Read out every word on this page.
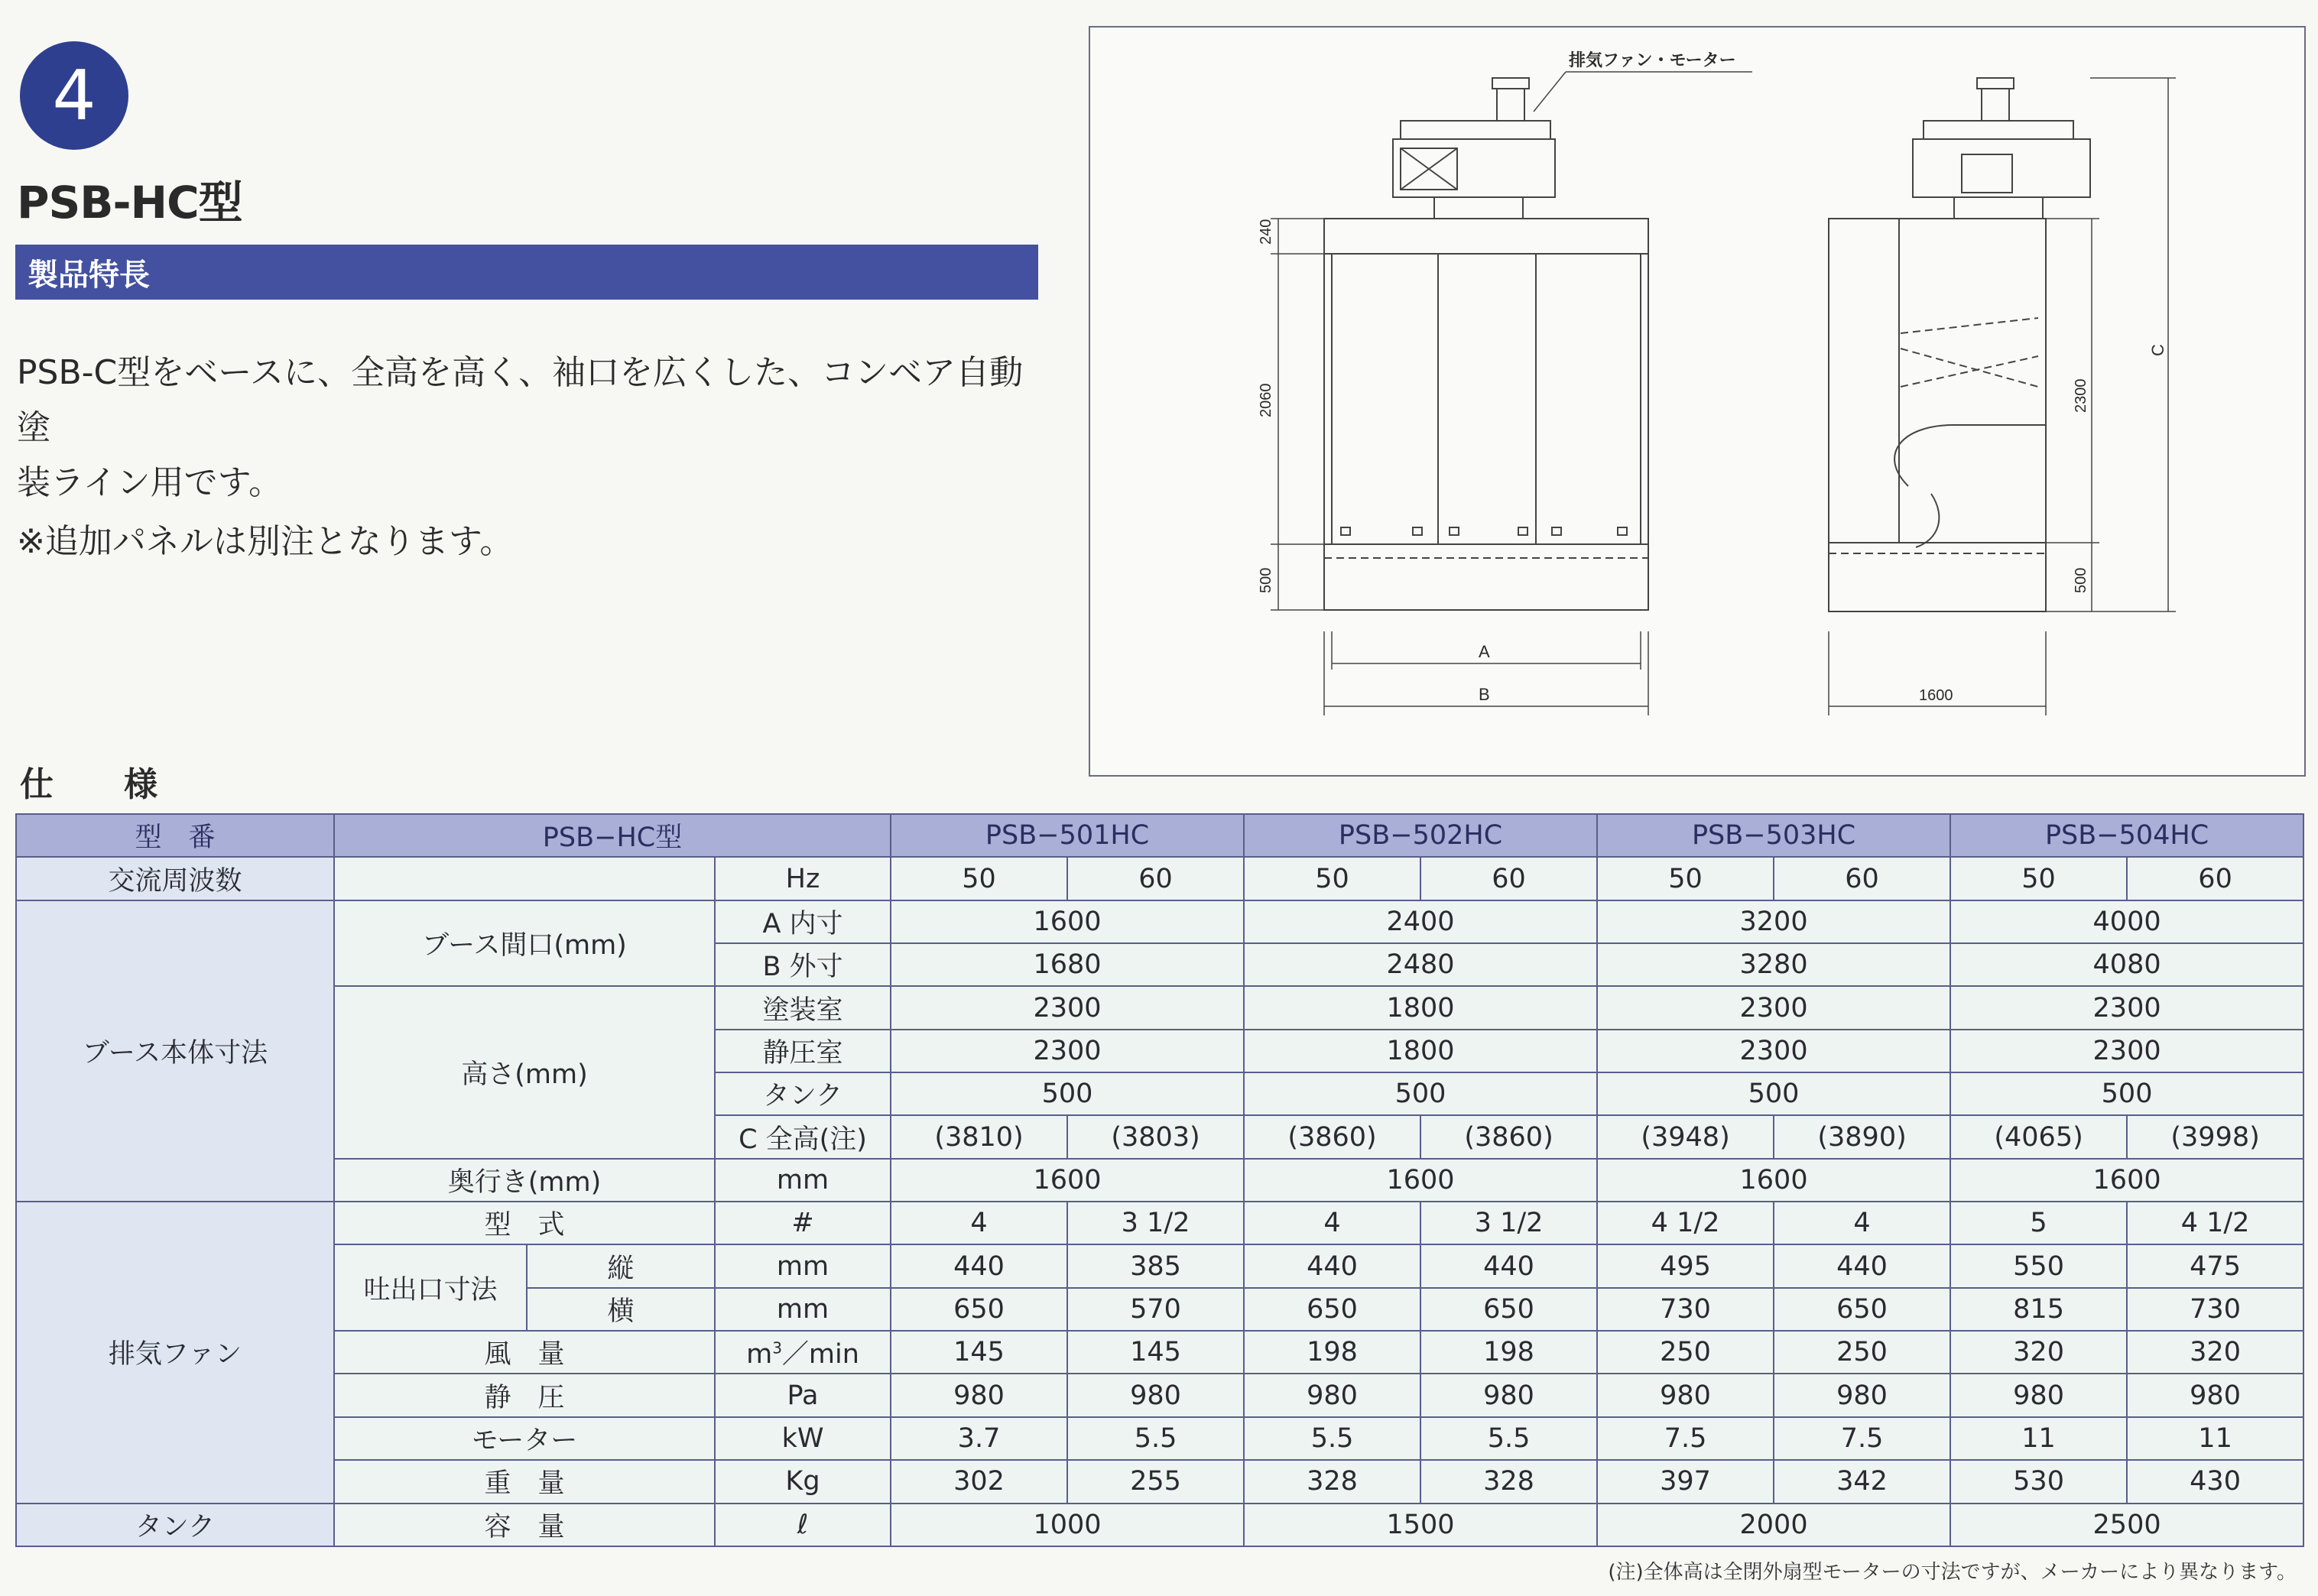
4
PSB-HC型
製品特長
PSB-C型をベースに、全高を高く、袖口を広くした、コンベア自動塗
装ライン用です。
※追加パネルは別注となります。
排気ファン・モーター
240
2060
500
A
B
2300
C
500
1600
仕　様
型　番	PSB−HC型			PSB−501HC		PSB−502HC		PSB−503HC		PSB−504HC	
交流周波数			Hz	50	60	50	60	50	60	50	60
ブース本体寸法	ブース間口(mm)		A 内寸	1600		2400		3200		4000	
			B 外寸	1680		2480		3280		4080	
	高さ(mm)		塗装室	2300		1800		2300		2300	
			静圧室	2300		1800		2300		2300	
			タンク	500		500		500		500	
			C 全高(注)	(3810)	(3803)	(3860)	(3860)	(3948)	(3890)	(4065)	(3998)
	奥行き(mm)		mm	1600		1600		1600		1600	
排気ファン	型　式		#	4	3 1/2	4	3 1/2	4 1/2	4	5	4 1/2
	吐出口寸法	縦	mm	440	385	440	440	495	440	550	475
		横	mm	650	570	650	650	730	650	815	730
	風　量		$m^3/\min$	145	145	198	198	250	250	320	320
	静　圧		Pa	980	980	980	980	980	980	980	980
	モーター		kW	3.7	5.5	5.5	5.5	7.5	7.5	11	11
	重　量		Kg	302	255	328	328	397	342	530	430
タンク	容　量		ℓ	1000		1500		2000		2500	
(注)全体高は全閉外扇型モーターの寸法ですが、メーカーにより異なります。
